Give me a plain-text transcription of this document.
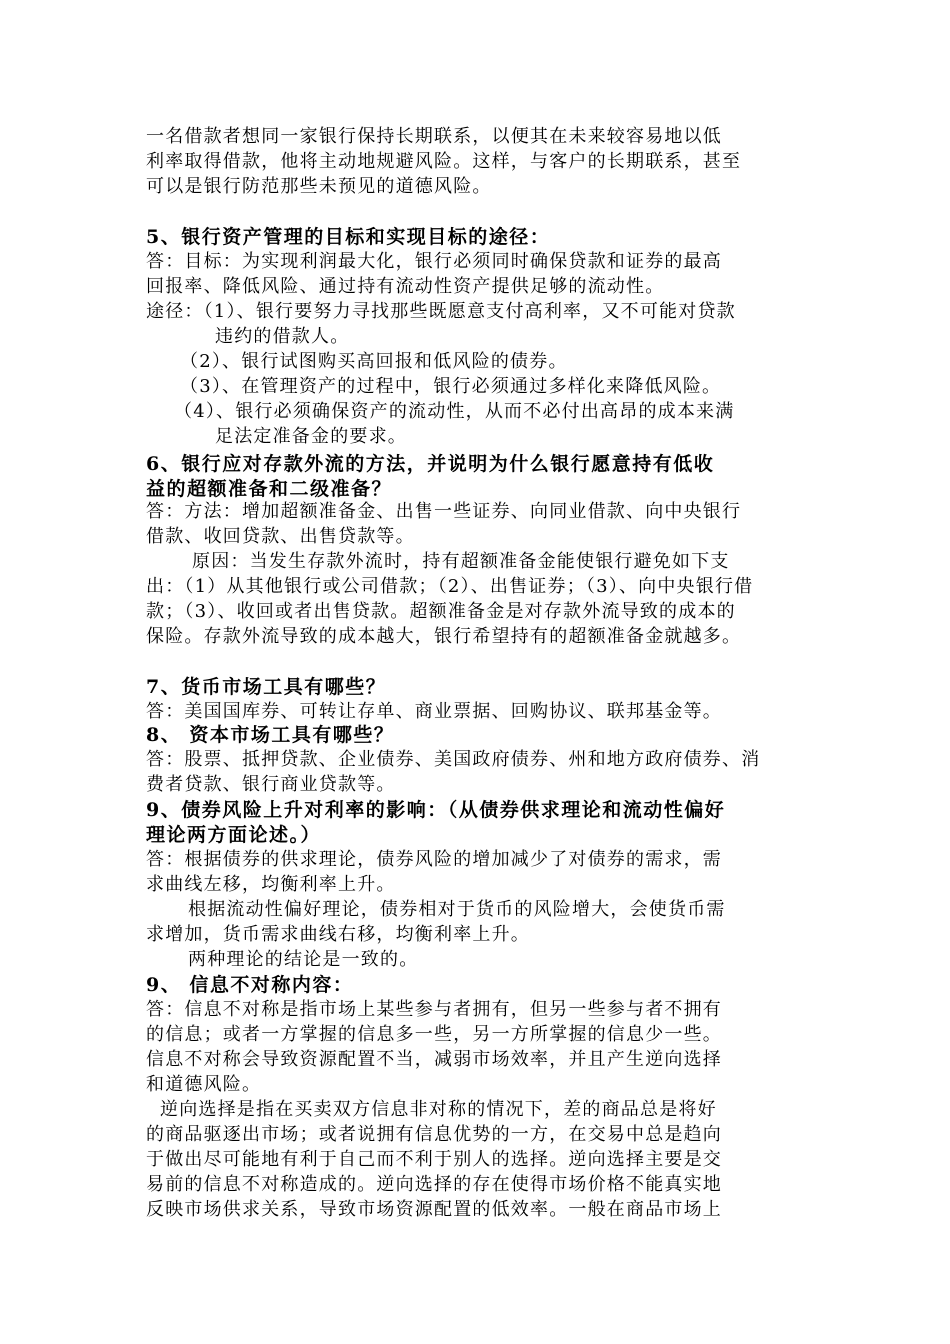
一名借款者想同一家银行保持长期联系，以便其在未来较容易地以低
利率取得借款，他将主动地规避风险。这样，与客户的长期联系，甚至
可以是银行防范那些未预见的道德风险。
5、银行资产管理的目标和实现目标的途径：
答：目标：为实现利润最大化，银行必须同时确保贷款和证券的最高
回报率、降低风险、通过持有流动性资产提供足够的流动性。
途径：（1）、银行要努力寻找那些既愿意支付高利率，又不可能对贷款
违约的借款人。
（2）、银行试图购买高回报和低风险的债券。
（3）、在管理资产的过程中，银行必须通过多样化来降低风险。
（4）、银行必须确保资产的流动性，从而不必付出高昂的成本来满
足法定准备金的要求。
6、银行应对存款外流的方法，并说明为什么银行愿意持有低收
益的超额准备和二级准备？
答：方法：增加超额准备金、出售一些证券、向同业借款、向中央银行
借款、收回贷款、出售贷款等。
原因：当发生存款外流时，持有超额准备金能使银行避免如下支
出：（1）从其他银行或公司借款；（2）、出售证券；（3）、向中央银行借
款；（3）、收回或者出售贷款。超额准备金是对存款外流导致的成本的
保险。存款外流导致的成本越大，银行希望持有的超额准备金就越多。
7、货币市场工具有哪些？
答：美国国库券、可转让存单、商业票据、回购协议、联邦基金等。
8、 资本市场工具有哪些？
答：股票、抵押贷款、企业债券、美国政府债券、州和地方政府债券、消
费者贷款、银行商业贷款等。
9、债券风险上升对利率的影响：（从债券供求理论和流动性偏好
理论两方面论述。）
答：根据债券的供求理论，债券风险的增加减少了对债券的需求，需
求曲线左移，均衡利率上升。
根据流动性偏好理论，债券相对于货币的风险增大，会使货币需
求增加，货币需求曲线右移，均衡利率上升。
两种理论的结论是一致的。
9、 信息不对称内容：
答：信息不对称是指市场上某些参与者拥有，但另一些参与者不拥有
的信息；或者一方掌握的信息多一些，另一方所掌握的信息少一些。
信息不对称会导致资源配置不当，减弱市场效率，并且产生逆向选择
和道德风险。
逆向选择是指在买卖双方信息非对称的情况下，差的商品总是将好
的商品驱逐出市场；或者说拥有信息优势的一方，在交易中总是趋向
于做出尽可能地有利于自己而不利于别人的选择。逆向选择主要是交
易前的信息不对称造成的。逆向选择的存在使得市场价格不能真实地
反映市场供求关系，导致市场资源配置的低效率。一般在商品市场上
